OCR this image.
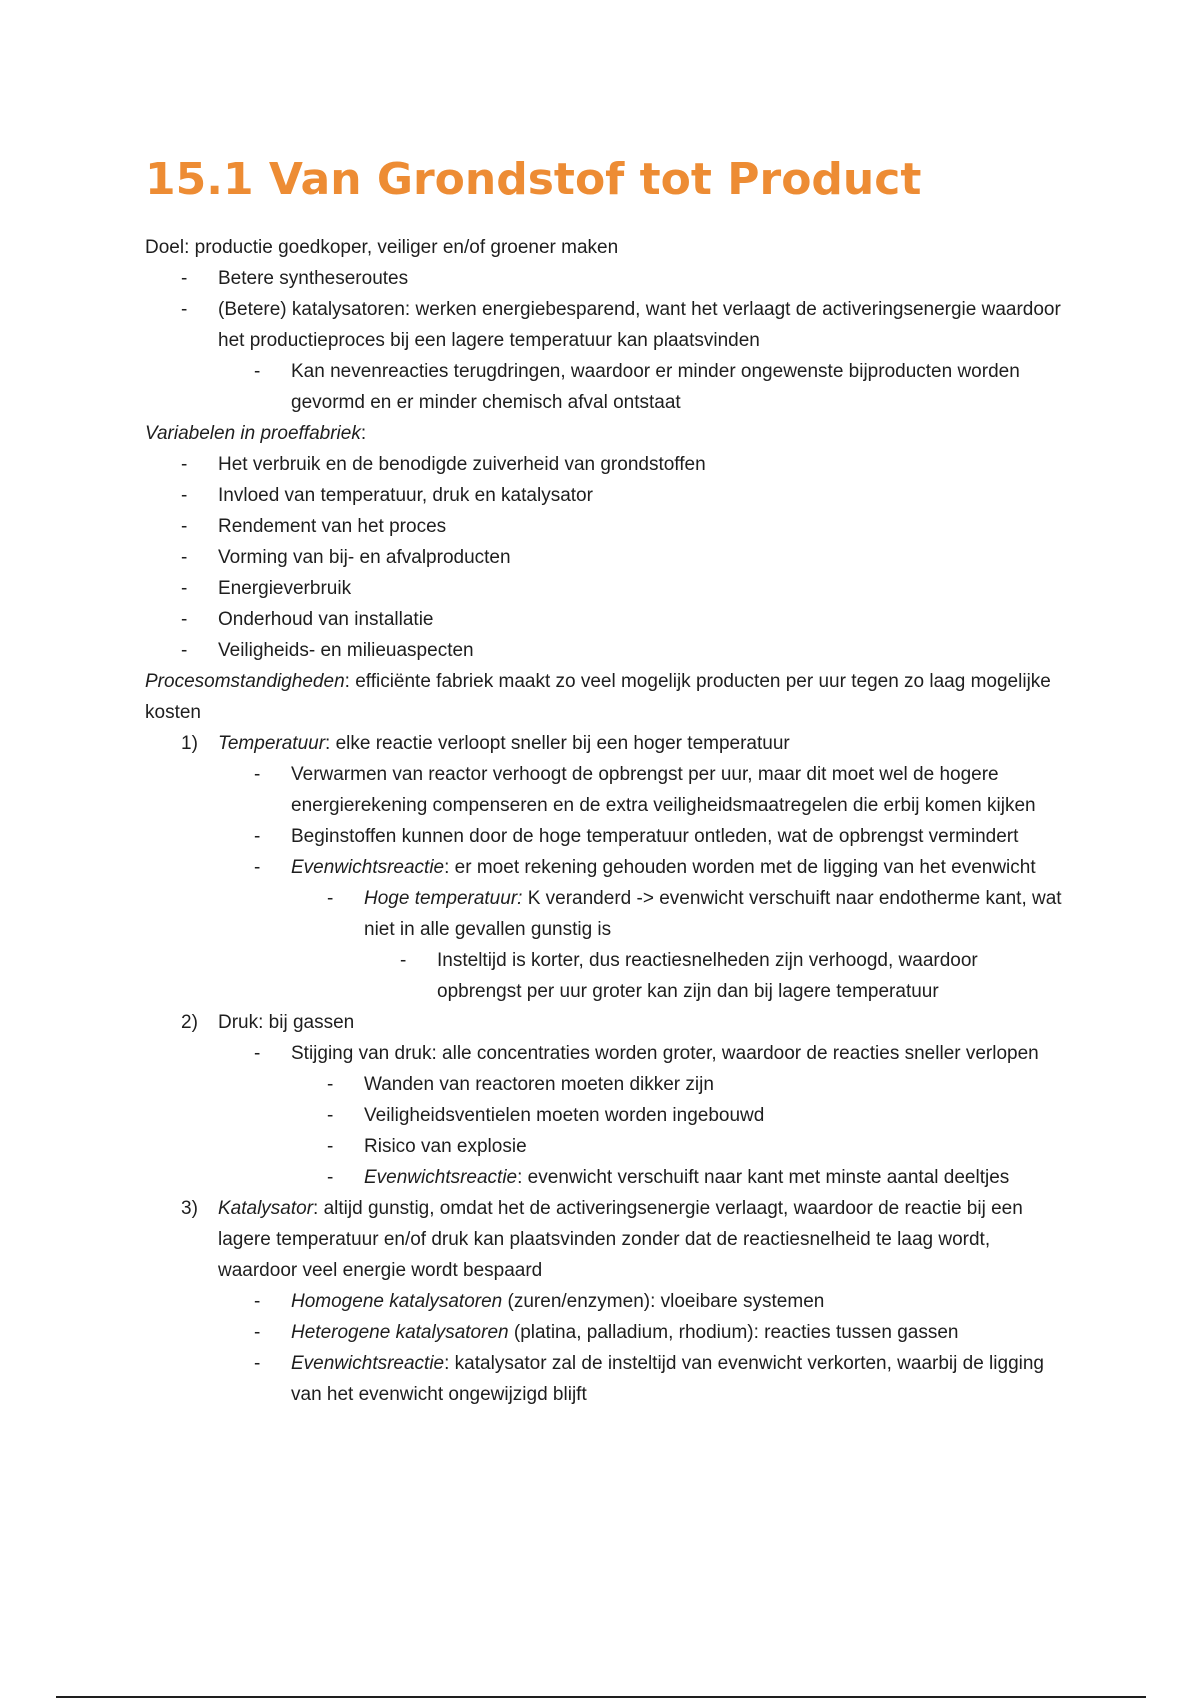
15.1 Van Grondstof tot Product

Doel: productie goedkoper, veiliger en/of groener maken

- Betere syntheseroutes
- (Betere) katalysatoren: werken energiebesparend, want het verlaagt de activeringsenergie waardoor het productieproces bij een lagere temperatuur kan plaatsvinden
- Kan nevenreacties terugdringen, waardoor er minder ongewenste bijproducten worden gevormd en er minder chemisch afval ontstaat

Variabelen in proeffabriek:

- Het verbruik en de benodigde zuiverheid van grondstoffen
- Invloed van temperatuur, druk en katalysator
- Rendement van het proces
- Vorming van bij- en afvalproducten
- Energieverbruik
- Onderhoud van installatie
- Veiligheids- en milieuaspecten

Procesomstandigheden: efficiënte fabriek maakt zo veel mogelijk producten per uur tegen zo laag mogelijke kosten

1) Temperatuur: elke reactie verloopt sneller bij een hoger temperatuur
- Verwarmen van reactor verhoogt de opbrengst per uur, maar dit moet wel de hogere energierekening compenseren en de extra veiligheidsmaatregelen die erbij komen kijken
- Beginstoffen kunnen door de hoge temperatuur ontleden, wat de opbrengst vermindert
- Evenwichtsreactie: er moet rekening gehouden worden met de ligging van het evenwicht
- Hoge temperatuur: K veranderd -> evenwicht verschuift naar endotherme kant, wat niet in alle gevallen gunstig is
- Insteltijd is korter, dus reactiesnelheden zijn verhoogd, waardoor opbrengst per uur groter kan zijn dan bij lagere temperatuur
2) Druk: bij gassen
- Stijging van druk: alle concentraties worden groter, waardoor de reacties sneller verlopen
- Wanden van reactoren moeten dikker zijn
- Veiligheidsventielen moeten worden ingebouwd
- Risico van explosie
- Evenwichtsreactie: evenwicht verschuift naar kant met minste aantal deeltjes
3) Katalysator: altijd gunstig, omdat het de activeringsenergie verlaagt, waardoor de reactie bij een lagere temperatuur en/of druk kan plaatsvinden zonder dat de reactiesnelheid te laag wordt, waardoor veel energie wordt bespaard
- Homogene katalysatoren (zuren/enzymen): vloeibare systemen
- Heterogene katalysatoren (platina, palladium, rhodium): reacties tussen gassen
- Evenwichtsreactie: katalysator zal de insteltijd van evenwicht verkorten, waarbij de ligging van het evenwicht ongewijzigd blijft
